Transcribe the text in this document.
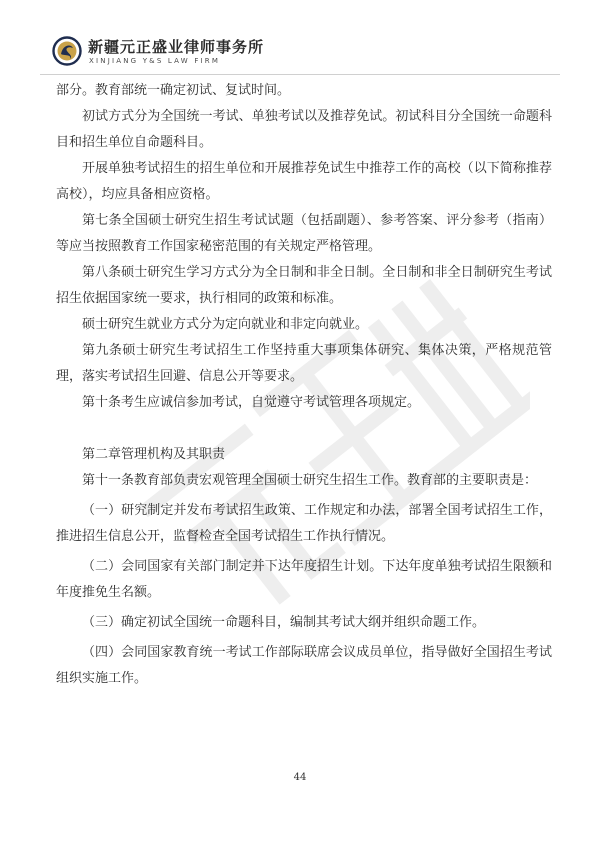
新疆元正盛业律师事务所
XINJIANG Y&S LAW FIRM

部分。教育部统一确定初试、复试时间。

初试方式分为全国统一考试、单独考试以及推荐免试。初试科目分全国统一命题科目和招生单位自命题科目。

开展单独考试招生的招生单位和开展推荐免试生中推荐工作的高校（以下简称推荐高校），均应具备相应资格。

第七条全国硕士研究生招生考试试题（包括副题）、参考答案、评分参考（指南）等应当按照教育工作国家秘密范围的有关规定严格管理。

第八条硕士研究生学习方式分为全日制和非全日制。全日制和非全日制研究生考试招生依据国家统一要求，执行相同的政策和标准。

硕士研究生就业方式分为定向就业和非定向就业。

第九条硕士研究生考试招生工作坚持重大事项集体研究、集体决策，严格规范管理，落实考试招生回避、信息公开等要求。

第十条考生应诚信参加考试，自觉遵守考试管理各项规定。

第二章管理机构及其职责

第十一条教育部负责宏观管理全国硕士研究生招生工作。教育部的主要职责是：

（一）研究制定并发布考试招生政策、工作规定和办法，部署全国考试招生工作，推进招生信息公开，监督检查全国考试招生工作执行情况。

（二）会同国家有关部门制定并下达年度招生计划。下达年度单独考试招生限额和年度推免生名额。

（三）确定初试全国统一命题科目，编制其考试大纲并组织命题工作。

（四）会同国家教育统一考试工作部际联席会议成员单位，指导做好全国招生考试组织实施工作。

44
